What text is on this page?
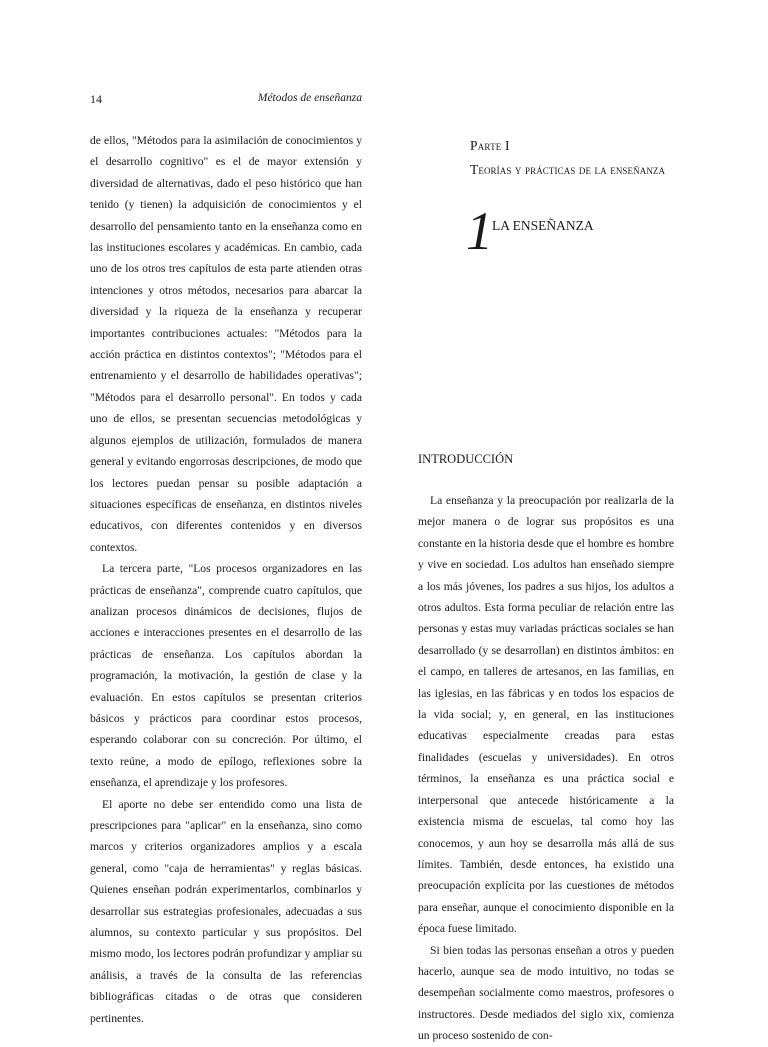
14	Métodos de enseñanza

de ellos, "Métodos para la asimilación de conocimientos y el desarrollo cognitivo" es el de mayor extensión y diversidad de alternativas, dado el peso histórico que han tenido (y tienen) la adquisición de conocimientos y el desarrollo del pensamiento tanto en la enseñanza como en las instituciones escolares y académicas. En cambio, cada uno de los otros tres capítulos de esta parte atienden otras intenciones y otros métodos, necesarios para abarcar la diversidad y la riqueza de la enseñanza y recuperar importantes contribuciones actuales: "Métodos para la acción práctica en distintos contextos"; "Métodos para el entrenamiento y el desarrollo de habilidades operativas"; "Métodos para el desarrollo personal". En todos y cada uno de ellos, se presentan secuencias metodológicas y algunos ejemplos de utilización, formulados de manera general y evitando engorrosas descripciones, de modo que los lectores puedan pensar su posible adaptación a situaciones específicas de enseñanza, en distintos niveles educativos, con diferentes contenidos y en diversos contextos.

La tercera parte, "Los procesos organizadores en las prácticas de enseñanza", comprende cuatro capítulos, que analizan procesos dinámicos de decisiones, flujos de acciones e interacciones presentes en el desarrollo de las prácticas de enseñanza. Los capítulos abordan la programación, la motivación, la gestión de clase y la evaluación. En estos capítulos se presentan criterios básicos y prácticos para coordinar estos procesos, esperando colaborar con su concreción. Por último, el texto reúne, a modo de epílogo, reflexiones sobre la enseñanza, el aprendizaje y los profesores.

El aporte no debe ser entendido como una lista de prescripciones para "aplicar" en la enseñanza, sino como marcos y criterios organizadores amplios y a escala general, como "caja de herramientas" y reglas básicas. Quienes enseñan podrán experimentarlos, combinarlos y desarrollar sus estrategias profesionales, adecuadas a sus alumnos, su contexto particular y sus propósitos. Del mismo modo, los lectores podrán profundizar y ampliar su análisis, a través de la consulta de las referencias bibliográficas citadas o de otras que consideren pertinentes.

Parte I
Teorías y prácticas de la enseñanza
1 LA ENSEÑANZA
INTRODUCCIÓN

La enseñanza y la preocupación por realizarla de la mejor manera o de lograr sus propósitos es una constante en la historia desde que el hombre es hombre y vive en sociedad. Los adultos han enseñado siempre a los más jóvenes, los padres a sus hijos, los adultos a otros adultos. Esta forma peculiar de relación entre las personas y estas muy variadas prácticas sociales se han desarrollado (y se desarrollan) en distintos ámbitos: en el campo, en talleres de artesanos, en las familias, en las iglesias, en las fábricas y en todos los espacios de la vida social; y, en general, en las instituciones educativas especialmente creadas para estas finalidades (escuelas y universidades). En otros términos, la enseñanza es una práctica social e interpersonal que antecede históricamente a la existencia misma de escuelas, tal como hoy las conocemos, y aun hoy se desarrolla más allá de sus límites. También, desde entonces, ha existido una preocupación explícita por las cuestiones de métodos para enseñar, aunque el conocimiento disponible en la época fuese limitado.

Si bien todas las personas enseñan a otros y pueden hacerlo, aunque sea de modo intuitivo, no todas se desempeñan socialmente como maestros, profesores o instructores. Desde mediados del siglo xix, comienza un proceso sostenido de con-
